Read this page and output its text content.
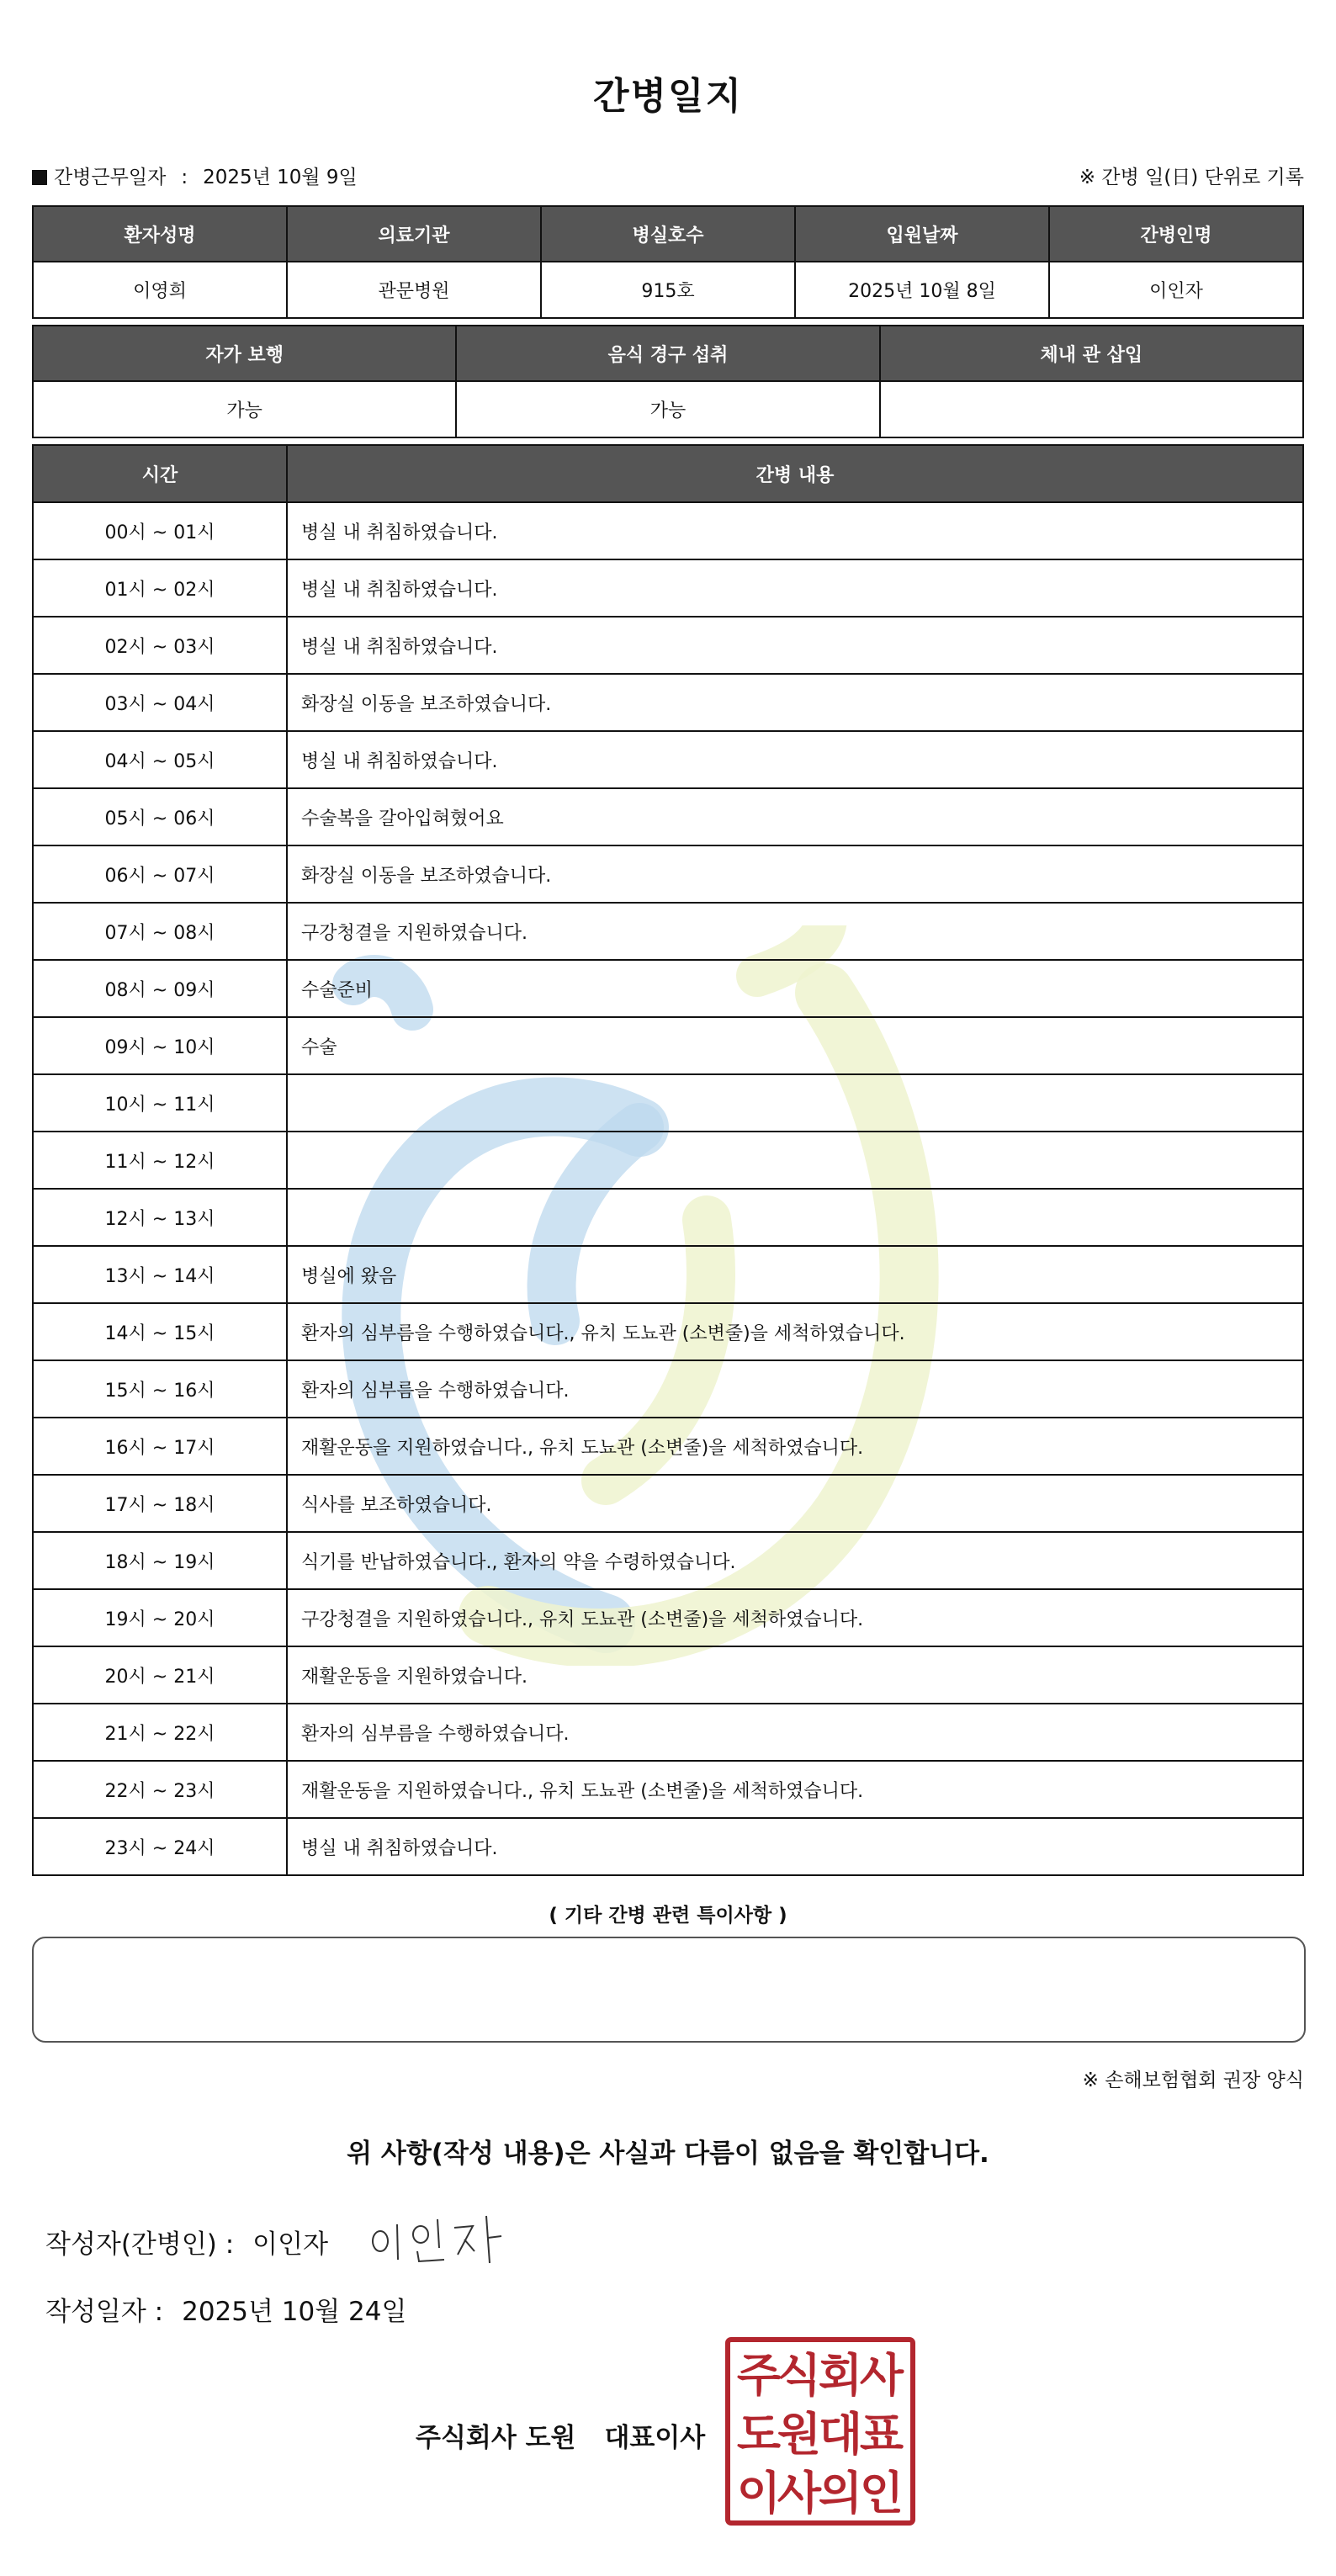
간병일지
간병근무일자 : 2025년 10월 9일	※ 간병 일(日) 단위로 기록
환자성명	의료기관	병실호수	입원날짜	간병인명
이영희	관문병원	915호	2025년 10월 8일	이인자
자가 보행	음식 경구 섭취	체내 관 삽입
가능	가능	
시간	간병 내용
00시 ~ 01시	병실 내 취침하였습니다.
01시 ~ 02시	병실 내 취침하였습니다.
02시 ~ 03시	병실 내 취침하였습니다.
03시 ~ 04시	화장실 이동을 보조하였습니다.
04시 ~ 05시	병실 내 취침하였습니다.
05시 ~ 06시	수술복을 갈아입혀혔어요
06시 ~ 07시	화장실 이동을 보조하였습니다.
07시 ~ 08시	구강청결을 지원하였습니다.
08시 ~ 09시	수술준비
09시 ~ 10시	수술
10시 ~ 11시	
11시 ~ 12시	
12시 ~ 13시	
13시 ~ 14시	병실에 왔음
14시 ~ 15시	환자의 심부름을 수행하였습니다., 유치 도뇨관 (소변줄)을 세척하였습니다.
15시 ~ 16시	환자의 심부름을 수행하였습니다.
16시 ~ 17시	재활운동을 지원하였습니다., 유치 도뇨관 (소변줄)을 세척하였습니다.
17시 ~ 18시	식사를 보조하였습니다.
18시 ~ 19시	식기를 반납하였습니다., 환자의 약을 수령하였습니다.
19시 ~ 20시	구강청결을 지원하였습니다., 유치 도뇨관 (소변줄)을 세척하였습니다.
20시 ~ 21시	재활운동을 지원하였습니다.
21시 ~ 22시	환자의 심부름을 수행하였습니다.
22시 ~ 23시	재활운동을 지원하였습니다., 유치 도뇨관 (소변줄)을 세척하였습니다.
23시 ~ 24시	병실 내 취침하였습니다.
( 기타 간병 관련 특이사항 )
※ 손해보험협회 권장 양식
위 사항(작성 내용)은 사실과 다름이 없음을 확인합니다.
작성자(간병인) : 이인자
작성일자 : 2025년 10월 24일
주식회사 도원 대표이사
주
식
회
사
도
원
대
표
이
사
의
인
